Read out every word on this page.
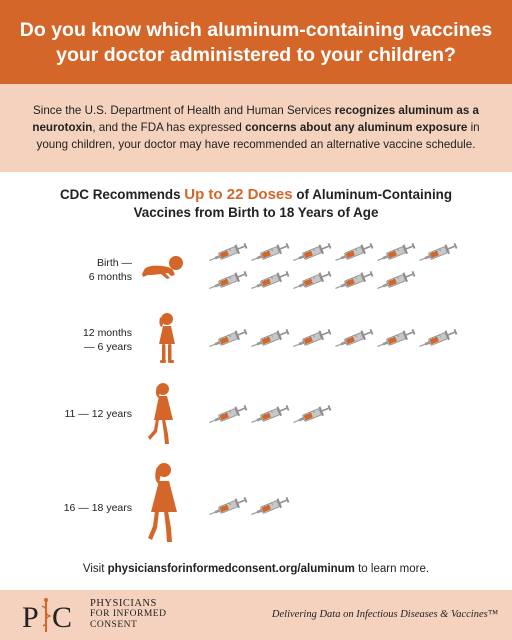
Do you know which aluminum-containing vaccines
your doctor administered to your children?
Since the U.S. Department of Health and Human Services recognizes aluminum as a neurotoxin, and the FDA has expressed concerns about any aluminum exposure in young children, your doctor may have recommended an alternative vaccine schedule.
CDC Recommends Up to 22 Doses of Aluminum-Containing
Vaccines from Birth to 18 Years of Age
Birth —
6 months
12 months
— 6 years
11 — 12 years
16 — 18 years
Visit physiciansforinformedconsent.org/aluminum to learn more.
P C PHYSICIANS
FOR INFORMED
CONSENT
Delivering Data on Infectious Diseases & Vaccines™
